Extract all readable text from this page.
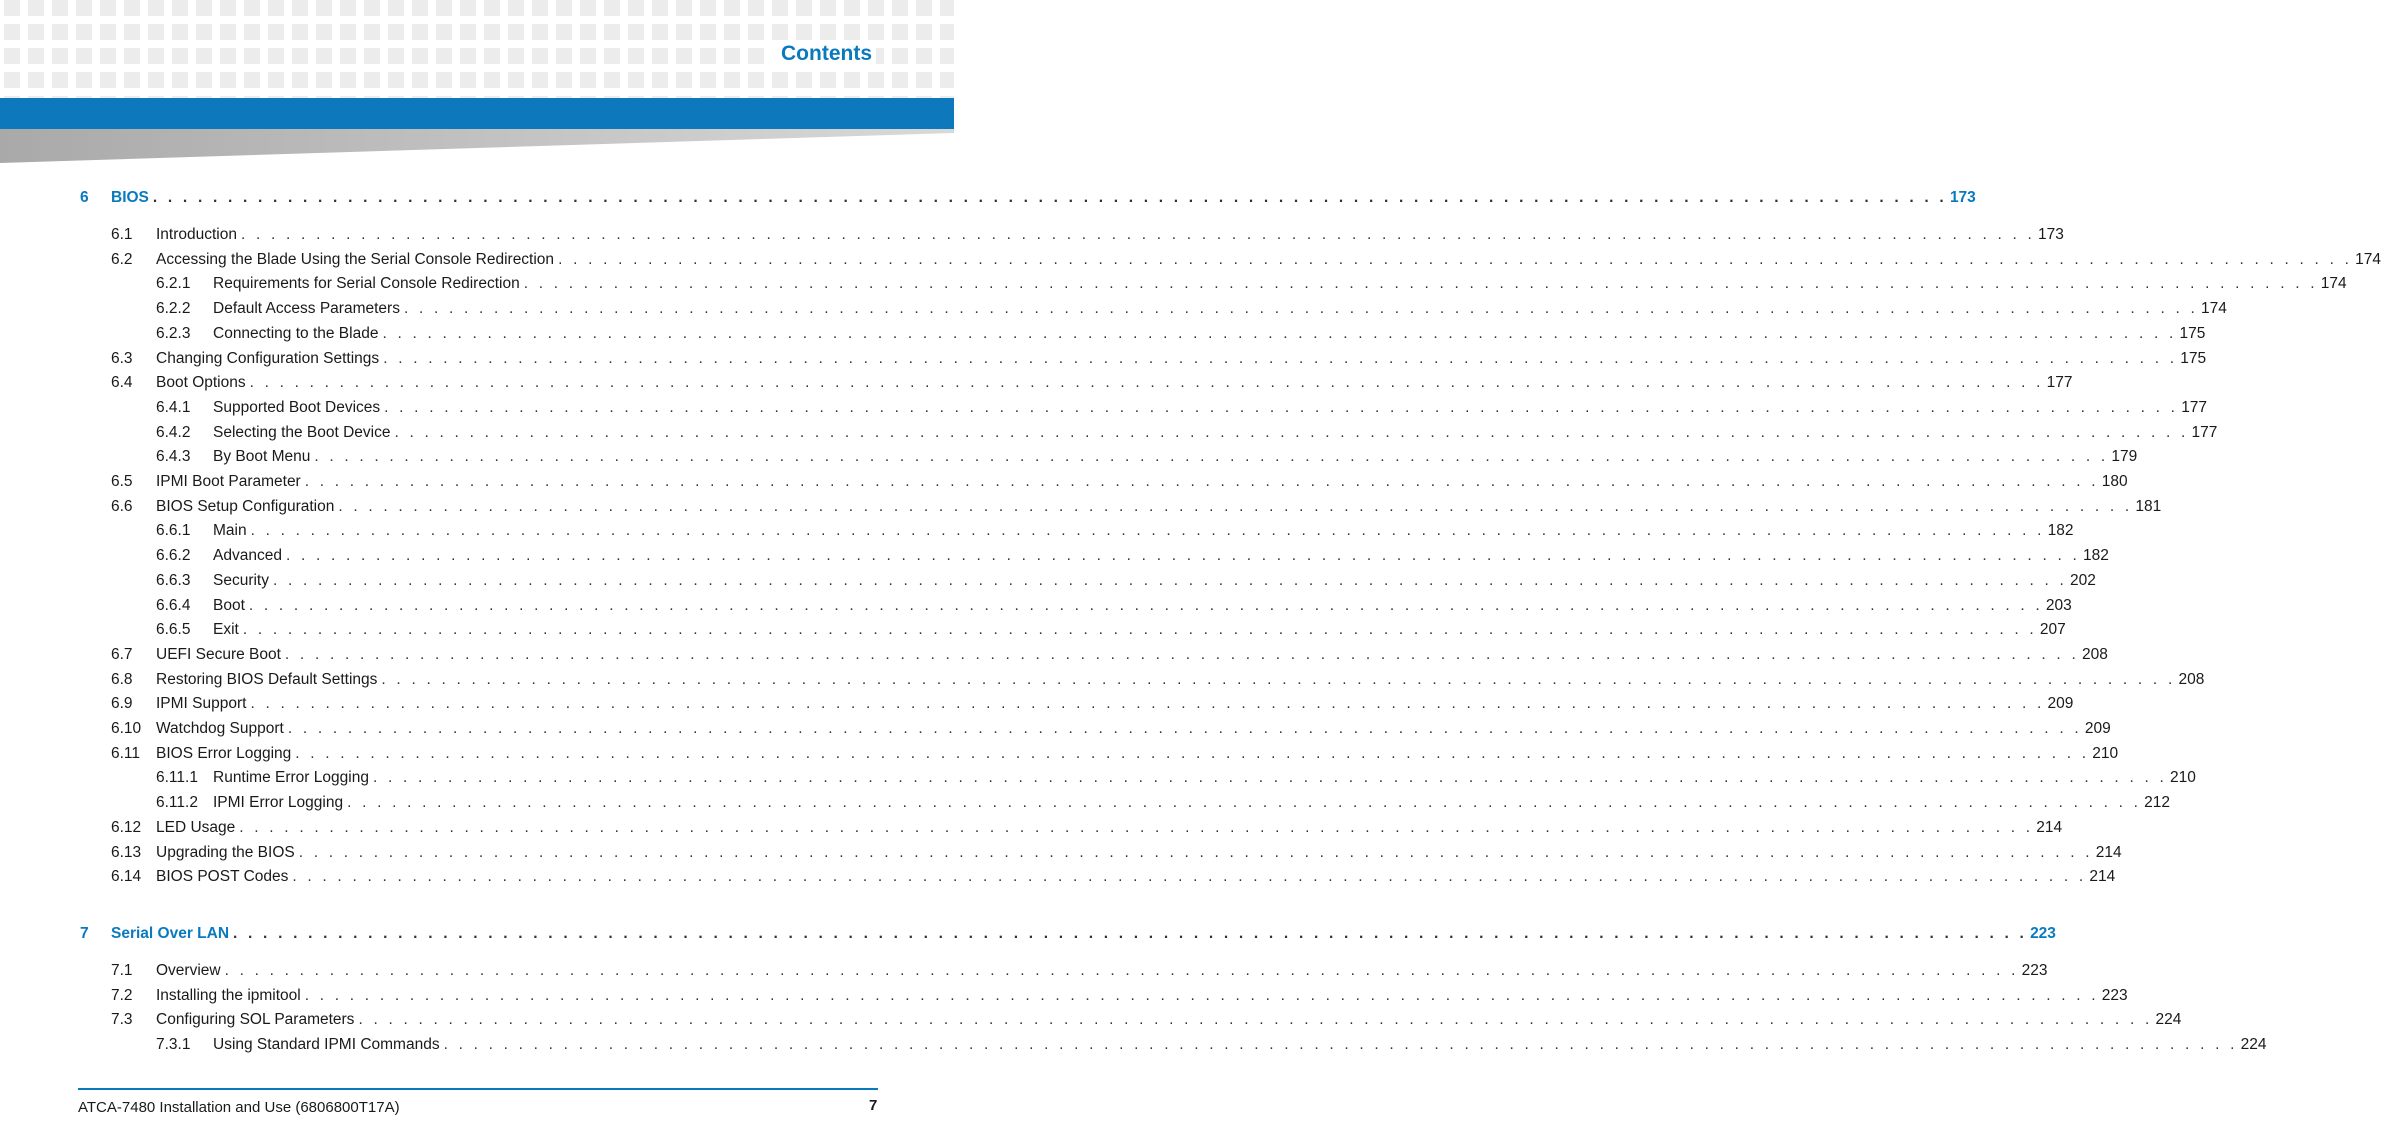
Contents
6 BIOS . . . . . . . . . . . . . . . . . . . . . . . . . . . . . . . . . . . . . . . . . . . . . . . . . . . . . . . . . . . . . . . . . . . . . . . . . . . . . . . . . . . . . . . . . . . . . . . . . . . . . . . . . . . . . . . . . . . . . . . . 173
6.1 Introduction . . . . . . . . . . . . . . . . . . . . . . . . . . . . . . . . . . . . . . . . . . . . . . . . . . . . . . . . . . . . . . . . . . . . . . . . . . . . . . . . . . . . . . . . . . . . . . . . . . . . . . . . . . . . . . . . . . . . . . . . 173
6.2 Accessing the Blade Using the Serial Console Redirection . . . . . . . . . . . . . . . . . . . . . . . . . . . . . . . . . . . . . . . . . . . . . . . . . . . . . . . . . . . . . . . . . . . . . . . . . . . . . . . . . . . . . . . . . . . . . . . . . . . . . . . . . . . . . . . . . . . . . . . . 174
6.2.1 Requirements for Serial Console Redirection . . . . . . . . . . . . . . . . . . . . . . . . . . . . . . . . . . . . . . . . . . . . . . . . . . . . . . . . . . . . . . . . . . . . . . . . . . . . . . . . . . . . . . . . . . . . . . . . . . . . . . . . . . . . . . . . . . . . . . . . 174
6.2.2 Default Access Parameters . . . . . . . . . . . . . . . . . . . . . . . . . . . . . . . . . . . . . . . . . . . . . . . . . . . . . . . . . . . . . . . . . . . . . . . . . . . . . . . . . . . . . . . . . . . . . . . . . . . . . . . . . . . . . . . . . . . . . . . . 174
6.2.3 Connecting to the Blade . . . . . . . . . . . . . . . . . . . . . . . . . . . . . . . . . . . . . . . . . . . . . . . . . . . . . . . . . . . . . . . . . . . . . . . . . . . . . . . . . . . . . . . . . . . . . . . . . . . . . . . . . . . . . . . . . . . . . . . . 175
6.3 Changing Configuration Settings . . . . . . . . . . . . . . . . . . . . . . . . . . . . . . . . . . . . . . . . . . . . . . . . . . . . . . . . . . . . . . . . . . . . . . . . . . . . . . . . . . . . . . . . . . . . . . . . . . . . . . . . . . . . . . . . . . . . . . . . 175
6.4 Boot Options . . . . . . . . . . . . . . . . . . . . . . . . . . . . . . . . . . . . . . . . . . . . . . . . . . . . . . . . . . . . . . . . . . . . . . . . . . . . . . . . . . . . . . . . . . . . . . . . . . . . . . . . . . . . . . . . . . . . . . . . 177
6.4.1 Supported Boot Devices . . . . . . . . . . . . . . . . . . . . . . . . . . . . . . . . . . . . . . . . . . . . . . . . . . . . . . . . . . . . . . . . . . . . . . . . . . . . . . . . . . . . . . . . . . . . . . . . . . . . . . . . . . . . . . . . . . . . . . . . 177
6.4.2 Selecting the Boot Device . . . . . . . . . . . . . . . . . . . . . . . . . . . . . . . . . . . . . . . . . . . . . . . . . . . . . . . . . . . . . . . . . . . . . . . . . . . . . . . . . . . . . . . . . . . . . . . . . . . . . . . . . . . . . . . . . . . . . . . . 177
6.4.3 By Boot Menu . . . . . . . . . . . . . . . . . . . . . . . . . . . . . . . . . . . . . . . . . . . . . . . . . . . . . . . . . . . . . . . . . . . . . . . . . . . . . . . . . . . . . . . . . . . . . . . . . . . . . . . . . . . . . . . . . . . . . . . . 179
6.5 IPMI Boot Parameter . . . . . . . . . . . . . . . . . . . . . . . . . . . . . . . . . . . . . . . . . . . . . . . . . . . . . . . . . . . . . . . . . . . . . . . . . . . . . . . . . . . . . . . . . . . . . . . . . . . . . . . . . . . . . . . . . . . . . . . . 180
6.6 BIOS Setup Configuration . . . . . . . . . . . . . . . . . . . . . . . . . . . . . . . . . . . . . . . . . . . . . . . . . . . . . . . . . . . . . . . . . . . . . . . . . . . . . . . . . . . . . . . . . . . . . . . . . . . . . . . . . . . . . . . . . . . . . . . . 181
6.6.1 Main . . . . . . . . . . . . . . . . . . . . . . . . . . . . . . . . . . . . . . . . . . . . . . . . . . . . . . . . . . . . . . . . . . . . . . . . . . . . . . . . . . . . . . . . . . . . . . . . . . . . . . . . . . . . . . . . . . . . . . . . 182
6.6.2 Advanced . . . . . . . . . . . . . . . . . . . . . . . . . . . . . . . . . . . . . . . . . . . . . . . . . . . . . . . . . . . . . . . . . . . . . . . . . . . . . . . . . . . . . . . . . . . . . . . . . . . . . . . . . . . . . . . . . . . . . . . . 182
6.6.3 Security . . . . . . . . . . . . . . . . . . . . . . . . . . . . . . . . . . . . . . . . . . . . . . . . . . . . . . . . . . . . . . . . . . . . . . . . . . . . . . . . . . . . . . . . . . . . . . . . . . . . . . . . . . . . . . . . . . . . . . . . 202
6.6.4 Boot . . . . . . . . . . . . . . . . . . . . . . . . . . . . . . . . . . . . . . . . . . . . . . . . . . . . . . . . . . . . . . . . . . . . . . . . . . . . . . . . . . . . . . . . . . . . . . . . . . . . . . . . . . . . . . . . . . . . . . . . 203
6.6.5 Exit . . . . . . . . . . . . . . . . . . . . . . . . . . . . . . . . . . . . . . . . . . . . . . . . . . . . . . . . . . . . . . . . . . . . . . . . . . . . . . . . . . . . . . . . . . . . . . . . . . . . . . . . . . . . . . . . . . . . . . . . 207
6.7 UEFI Secure Boot . . . . . . . . . . . . . . . . . . . . . . . . . . . . . . . . . . . . . . . . . . . . . . . . . . . . . . . . . . . . . . . . . . . . . . . . . . . . . . . . . . . . . . . . . . . . . . . . . . . . . . . . . . . . . . . . . . . . . . . . 208
6.8 Restoring BIOS Default Settings . . . . . . . . . . . . . . . . . . . . . . . . . . . . . . . . . . . . . . . . . . . . . . . . . . . . . . . . . . . . . . . . . . . . . . . . . . . . . . . . . . . . . . . . . . . . . . . . . . . . . . . . . . . . . . . . . . . . . . . . 208
6.9 IPMI Support . . . . . . . . . . . . . . . . . . . . . . . . . . . . . . . . . . . . . . . . . . . . . . . . . . . . . . . . . . . . . . . . . . . . . . . . . . . . . . . . . . . . . . . . . . . . . . . . . . . . . . . . . . . . . . . . . . . . . . . . 209
6.10 Watchdog Support . . . . . . . . . . . . . . . . . . . . . . . . . . . . . . . . . . . . . . . . . . . . . . . . . . . . . . . . . . . . . . . . . . . . . . . . . . . . . . . . . . . . . . . . . . . . . . . . . . . . . . . . . . . . . . . . . . . . . . . . 209
6.11 BIOS Error Logging . . . . . . . . . . . . . . . . . . . . . . . . . . . . . . . . . . . . . . . . . . . . . . . . . . . . . . . . . . . . . . . . . . . . . . . . . . . . . . . . . . . . . . . . . . . . . . . . . . . . . . . . . . . . . . . . . . . . . . . . 210
6.11.1 Runtime Error Logging . . . . . . . . . . . . . . . . . . . . . . . . . . . . . . . . . . . . . . . . . . . . . . . . . . . . . . . . . . . . . . . . . . . . . . . . . . . . . . . . . . . . . . . . . . . . . . . . . . . . . . . . . . . . . . . . . . . . . . . . 210
6.11.2 IPMI Error Logging . . . . . . . . . . . . . . . . . . . . . . . . . . . . . . . . . . . . . . . . . . . . . . . . . . . . . . . . . . . . . . . . . . . . . . . . . . . . . . . . . . . . . . . . . . . . . . . . . . . . . . . . . . . . . . . . . . . . . . . . 212
6.12 LED Usage . . . . . . . . . . . . . . . . . . . . . . . . . . . . . . . . . . . . . . . . . . . . . . . . . . . . . . . . . . . . . . . . . . . . . . . . . . . . . . . . . . . . . . . . . . . . . . . . . . . . . . . . . . . . . . . . . . . . . . . . 214
6.13 Upgrading the BIOS . . . . . . . . . . . . . . . . . . . . . . . . . . . . . . . . . . . . . . . . . . . . . . . . . . . . . . . . . . . . . . . . . . . . . . . . . . . . . . . . . . . . . . . . . . . . . . . . . . . . . . . . . . . . . . . . . . . . . . . . 214
6.14 BIOS POST Codes . . . . . . . . . . . . . . . . . . . . . . . . . . . . . . . . . . . . . . . . . . . . . . . . . . . . . . . . . . . . . . . . . . . . . . . . . . . . . . . . . . . . . . . . . . . . . . . . . . . . . . . . . . . . . . . . . . . . . . . . 214
7 Serial Over LAN . . . . . . . . . . . . . . . . . . . . . . . . . . . . . . . . . . . . . . . . . . . . . . . . . . . . . . . . . . . . . . . . . . . . . . . . . . . . . . . . . . . . . . . . . . . . . . . . . . . . . . . . . . . . . . . . . . . . . . . . 223
7.1 Overview . . . . . . . . . . . . . . . . . . . . . . . . . . . . . . . . . . . . . . . . . . . . . . . . . . . . . . . . . . . . . . . . . . . . . . . . . . . . . . . . . . . . . . . . . . . . . . . . . . . . . . . . . . . . . . . . . . . . . . . . 223
7.2 Installing the ipmitool . . . . . . . . . . . . . . . . . . . . . . . . . . . . . . . . . . . . . . . . . . . . . . . . . . . . . . . . . . . . . . . . . . . . . . . . . . . . . . . . . . . . . . . . . . . . . . . . . . . . . . . . . . . . . . . . . . . . . . . . 223
7.3 Configuring SOL Parameters . . . . . . . . . . . . . . . . . . . . . . . . . . . . . . . . . . . . . . . . . . . . . . . . . . . . . . . . . . . . . . . . . . . . . . . . . . . . . . . . . . . . . . . . . . . . . . . . . . . . . . . . . . . . . . . . . . . . . . . . 224
7.3.1 Using Standard IPMI Commands . . . . . . . . . . . . . . . . . . . . . . . . . . . . . . . . . . . . . . . . . . . . . . . . . . . . . . . . . . . . . . . . . . . . . . . . . . . . . . . . . . . . . . . . . . . . . . . . . . . . . . . . . . . . . . . . . . . . . . . . 224
ATCA-7480 Installation and Use (6806800T17A)	7
